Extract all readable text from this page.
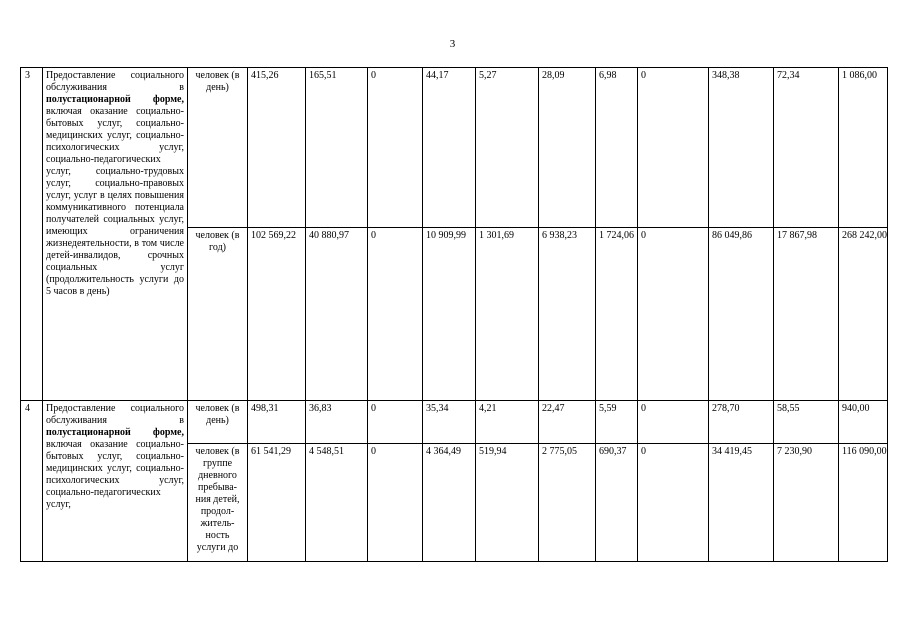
3
3	Предоставление социального обслуживания в полустационарной форме, включая оказание социально-бытовых услуг, социально-медицинских услуг, социально-психологических услуг, социально-педагогических услуг, социально-трудовых услуг, социально-правовых услуг, услуг в целях повышения коммуникативного потенциала получателей социальных услуг, имеющих ограничения жизнедеятельности, в том числе детей-инвалидов, срочных социальных услуг (продолжительность услуги до 5 часов в день)	человек (в день)	415,26	165,51	0	44,17	5,27	28,09	6,98	0	348,38	72,34	1 086,00
		человек (в год)	102 569,22	40 880,97	0	10 909,99	1 301,69	6 938,23	1 724,06	0	86 049,86	17 867,98	268 242,00
4	Предоставление социального обслуживания в полустационарной форме, включая оказание социально-бытовых услуг, социально-медицинских услуг, социально-психологических услуг, социально-педагогических услуг,	человек (в день)	498,31	36,83	0	35,34	4,21	22,47	5,59	0	278,70	58,55	940,00
		человек (в группе дневного пребыва-ния детей, продол-житель-ность услуги до	61 541,29	4 548,51	0	4 364,49	519,94	2 775,05	690,37	0	34 419,45	7 230,90	116 090,00
